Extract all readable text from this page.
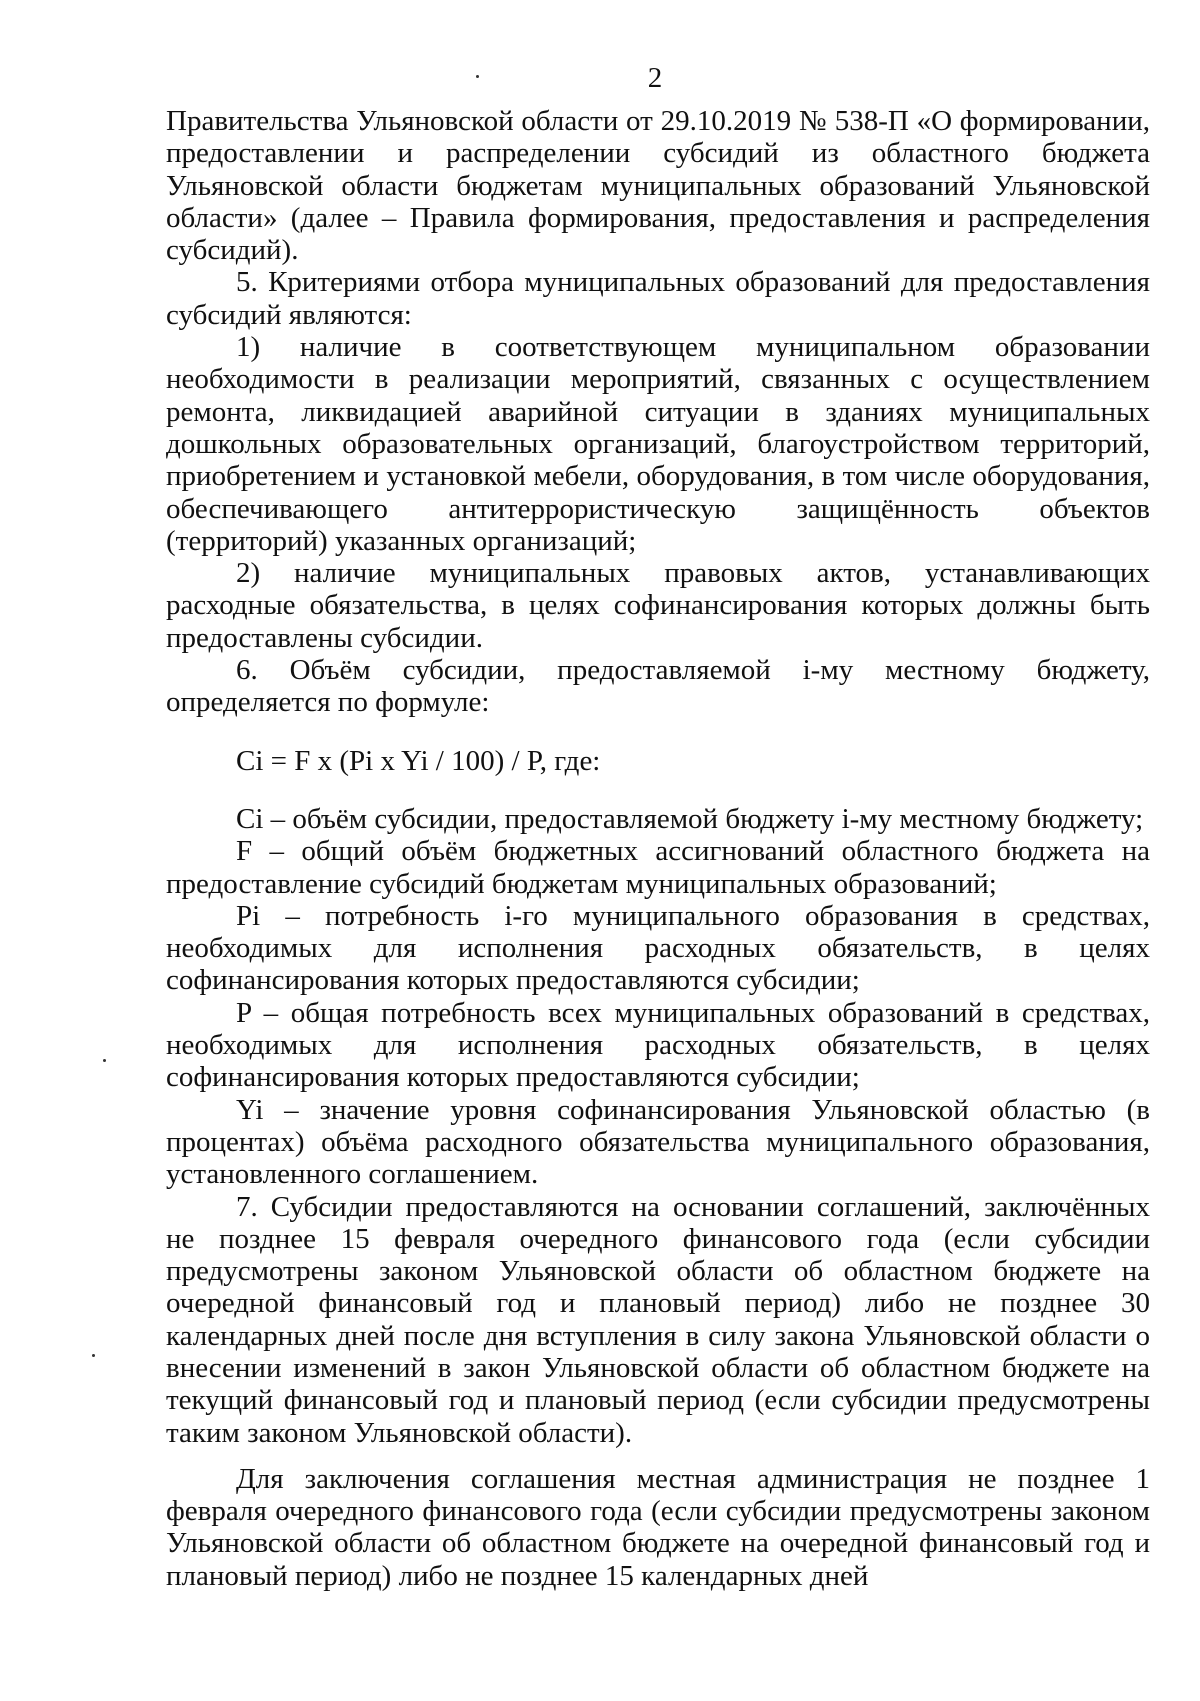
2

Правительства Ульяновской области от 29.10.2019 № 538-П «О формировании, предоставлении и распределении субсидий из областного бюджета Ульяновской области бюджетам муниципальных образований Ульяновской области» (далее – Правила формирования, предоставления и распределения субсидий).

5. Критериями отбора муниципальных образований для предоставления субсидий являются:

1) наличие в соответствующем муниципальном образовании необходимости в реализации мероприятий, связанных с осуществлением ремонта, ликвидацией аварийной ситуации в зданиях муниципальных дошкольных образовательных организаций, благоустройством территорий, приобретением и установкой мебели, оборудования, в том числе оборудования, обеспечивающего антитеррористическую защищённость объектов (территорий) указанных организаций;

2) наличие муниципальных правовых актов, устанавливающих расходные обязательства, в целях софинансирования которых должны быть предоставлены субсидии.

6. Объём субсидии, предоставляемой i-му местному бюджету, определяется по формуле:

Ci = F x (Pi x Yi / 100) / P, где:

Ci – объём субсидии, предоставляемой бюджету i-му местному бюджету;

F – общий объём бюджетных ассигнований областного бюджета на предоставление субсидий бюджетам муниципальных образований;

Pi – потребность i-го муниципального образования в средствах, необходимых для исполнения расходных обязательств, в целях софинансирования которых предоставляются субсидии;

P – общая потребность всех муниципальных образований в средствах, необходимых для исполнения расходных обязательств, в целях софинансирования которых предоставляются субсидии;

Yi – значение уровня софинансирования Ульяновской областью (в процентах) объёма расходного обязательства муниципального образования, установленного соглашением.

7. Субсидии предоставляются на основании соглашений, заключённых не позднее 15 февраля очередного финансового года (если субсидии предусмотрены законом Ульяновской области об областном бюджете на очередной финансовый год и плановый период) либо не позднее 30 календарных дней после дня вступления в силу закона Ульяновской области о внесении изменений в закон Ульяновской области об областном бюджете на текущий финансовый год и плановый период (если субсидии предусмотрены таким законом Ульяновской области).

Для заключения соглашения местная администрация не позднее 1 февраля очередного финансового года (если субсидии предусмотрены законом Ульяновской области об областном бюджете на очередной финансовый год и плановый период) либо не позднее 15 календарных дней
